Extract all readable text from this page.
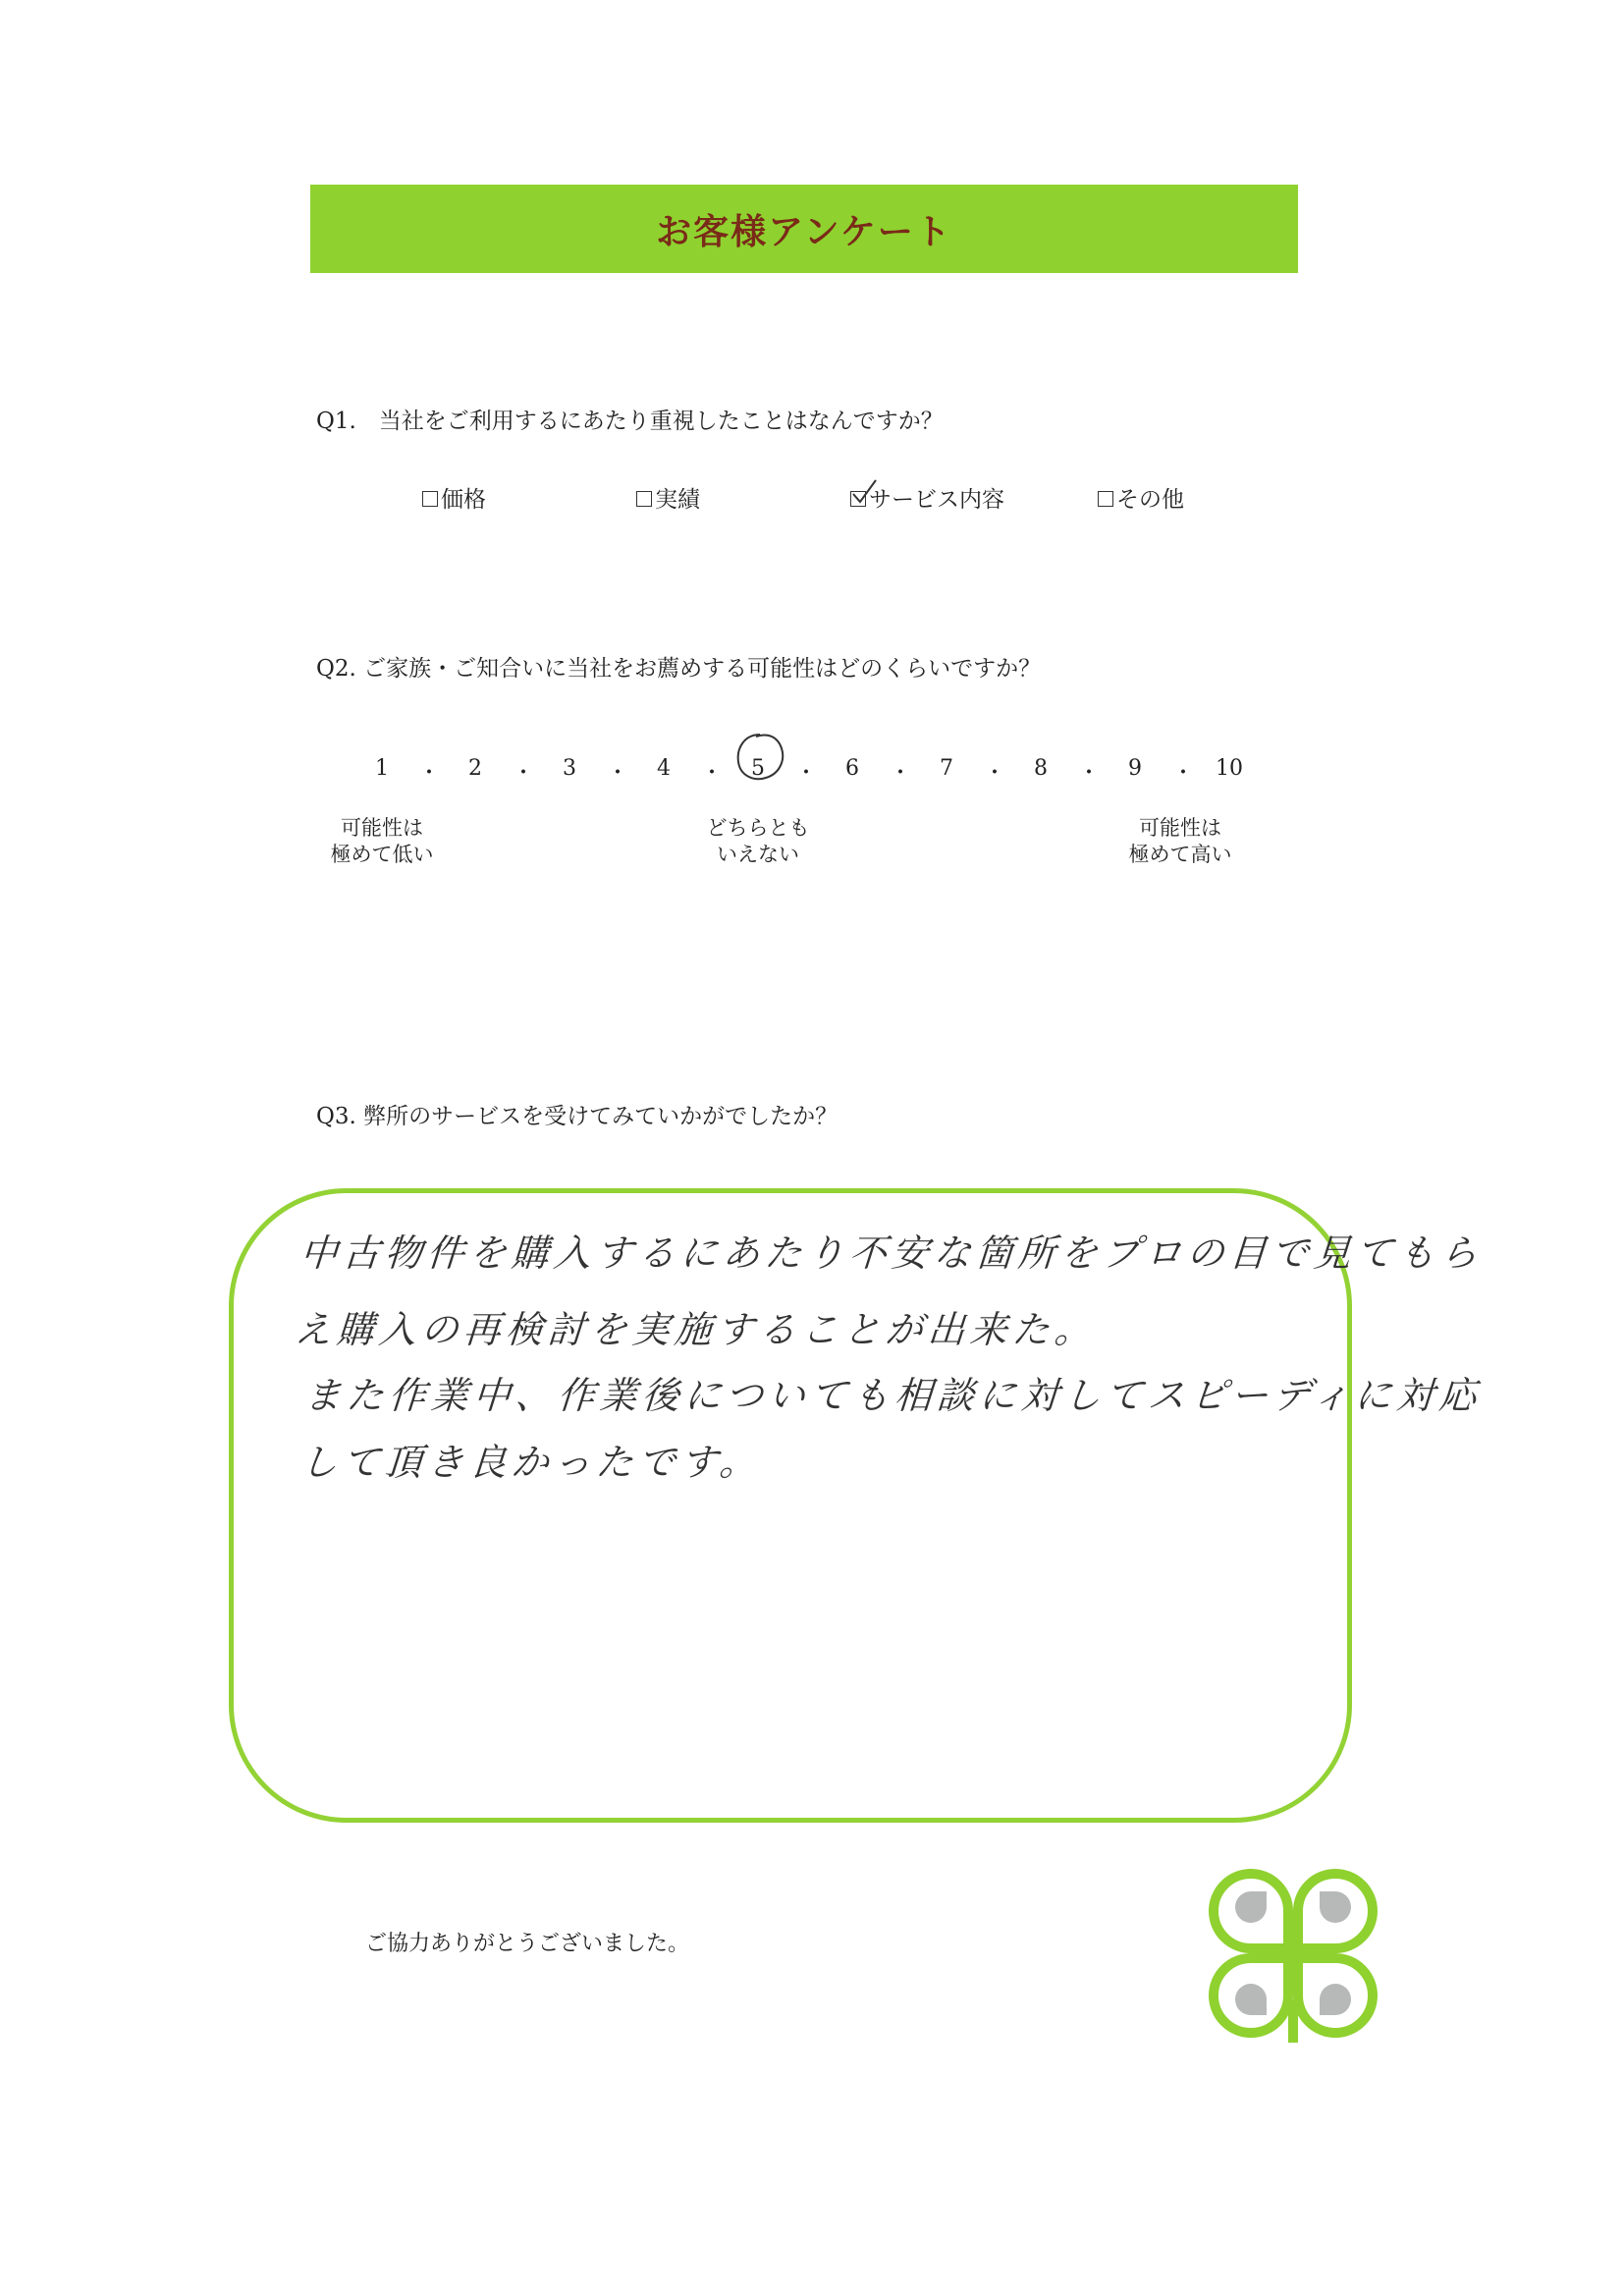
お客様アンケート
Q1.　当社をご利用するにあたり重視したことはなんですか？
価格	実績	サービス内容	その他
Q2. ご家族・ご知合いに当社をお薦めする可能性はどのくらいですか？
1	・	2	・	3	・	4	・	5	・	6	・	7	・	8	・	9	・ 10
可能性は
極めて低い
どちらとも
いえない
可能性は
極めて高い
Q3. 弊所のサービスを受けてみていかがでしたか？
中古物件を購入するにあたり不安な箇所をプロの目で見てもら
え購入の再検討を実施することが出来た。
また作業中、作業後についても相談に対してスピーディに対応
して頂き良かったです。
ご協力ありがとうございました。
